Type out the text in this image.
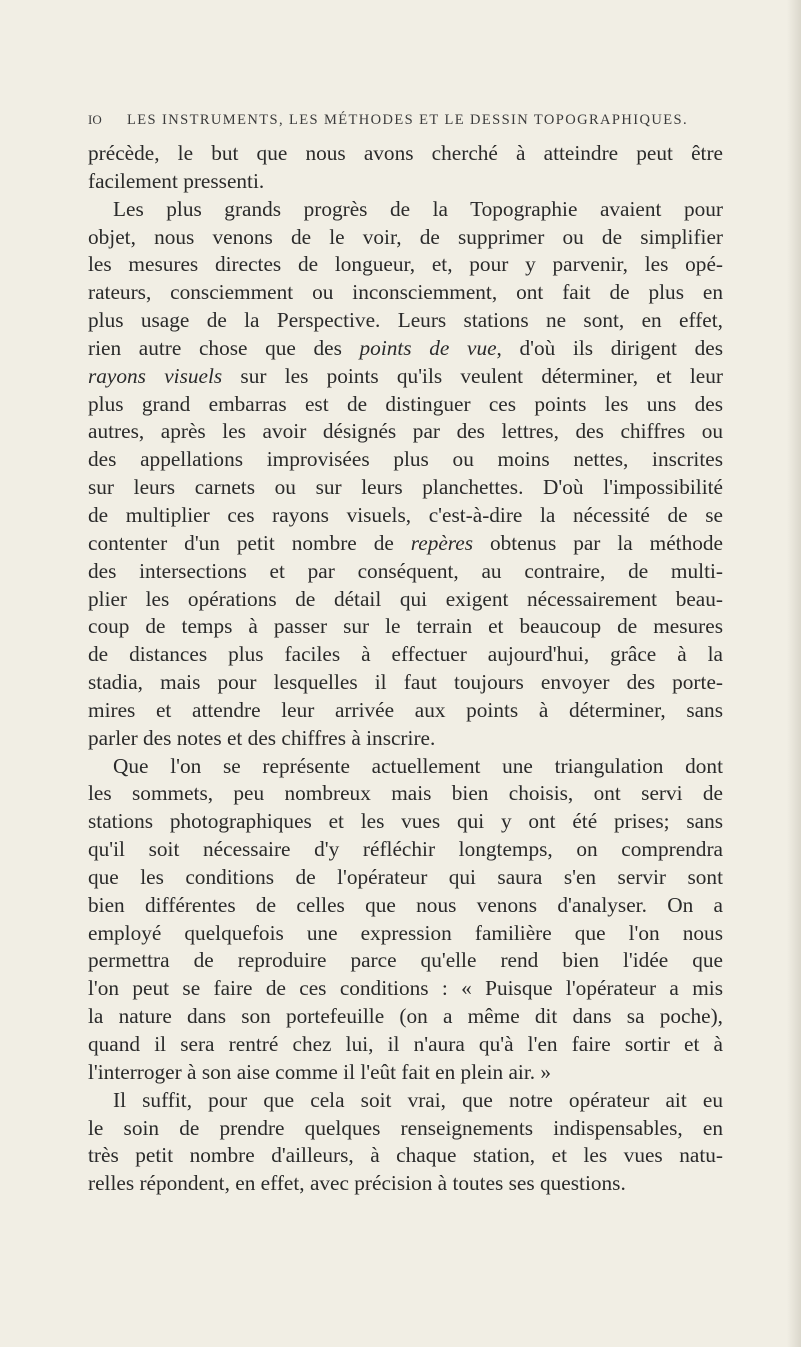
IO LES INSTRUMENTS, LES MÉTHODES ET LE DESSIN TOPOGRAPHIQUES.
précède, le but que nous avons cherché à atteindre peut être
facilement pressenti.
Les plus grands progrès de la Topographie avaient pour
objet, nous venons de le voir, de supprimer ou de simplifier
les mesures directes de longueur, et, pour y parvenir, les opé-
rateurs, consciemment ou inconsciemment, ont fait de plus en
plus usage de la Perspective. Leurs stations ne sont, en effet,
rien autre chose que des points de vue, d'où ils dirigent des
rayons visuels sur les points qu'ils veulent déterminer, et leur
plus grand embarras est de distinguer ces points les uns des
autres, après les avoir désignés par des lettres, des chiffres ou
des appellations improvisées plus ou moins nettes, inscrites
sur leurs carnets ou sur leurs planchettes. D'où l'impossibilité
de multiplier ces rayons visuels, c'est-à-dire la nécessité de se
contenter d'un petit nombre de repères obtenus par la méthode
des intersections et par conséquent, au contraire, de multi-
plier les opérations de détail qui exigent nécessairement beau-
coup de temps à passer sur le terrain et beaucoup de mesures
de distances plus faciles à effectuer aujourd'hui, grâce à la
stadia, mais pour lesquelles il faut toujours envoyer des porte-
mires et attendre leur arrivée aux points à déterminer, sans
parler des notes et des chiffres à inscrire.
Que l'on se représente actuellement une triangulation dont
les sommets, peu nombreux mais bien choisis, ont servi de
stations photographiques et les vues qui y ont été prises; sans
qu'il soit nécessaire d'y réfléchir longtemps, on comprendra
que les conditions de l'opérateur qui saura s'en servir sont
bien différentes de celles que nous venons d'analyser. On a
employé quelquefois une expression familière que l'on nous
permettra de reproduire parce qu'elle rend bien l'idée que
l'on peut se faire de ces conditions : « Puisque l'opérateur a mis
la nature dans son portefeuille (on a même dit dans sa poche),
quand il sera rentré chez lui, il n'aura qu'à l'en faire sortir et à
l'interroger à son aise comme il l'eût fait en plein air. »
Il suffit, pour que cela soit vrai, que notre opérateur ait eu
le soin de prendre quelques renseignements indispensables, en
très petit nombre d'ailleurs, à chaque station, et les vues natu-
relles répondent, en effet, avec précision à toutes ses questions.
